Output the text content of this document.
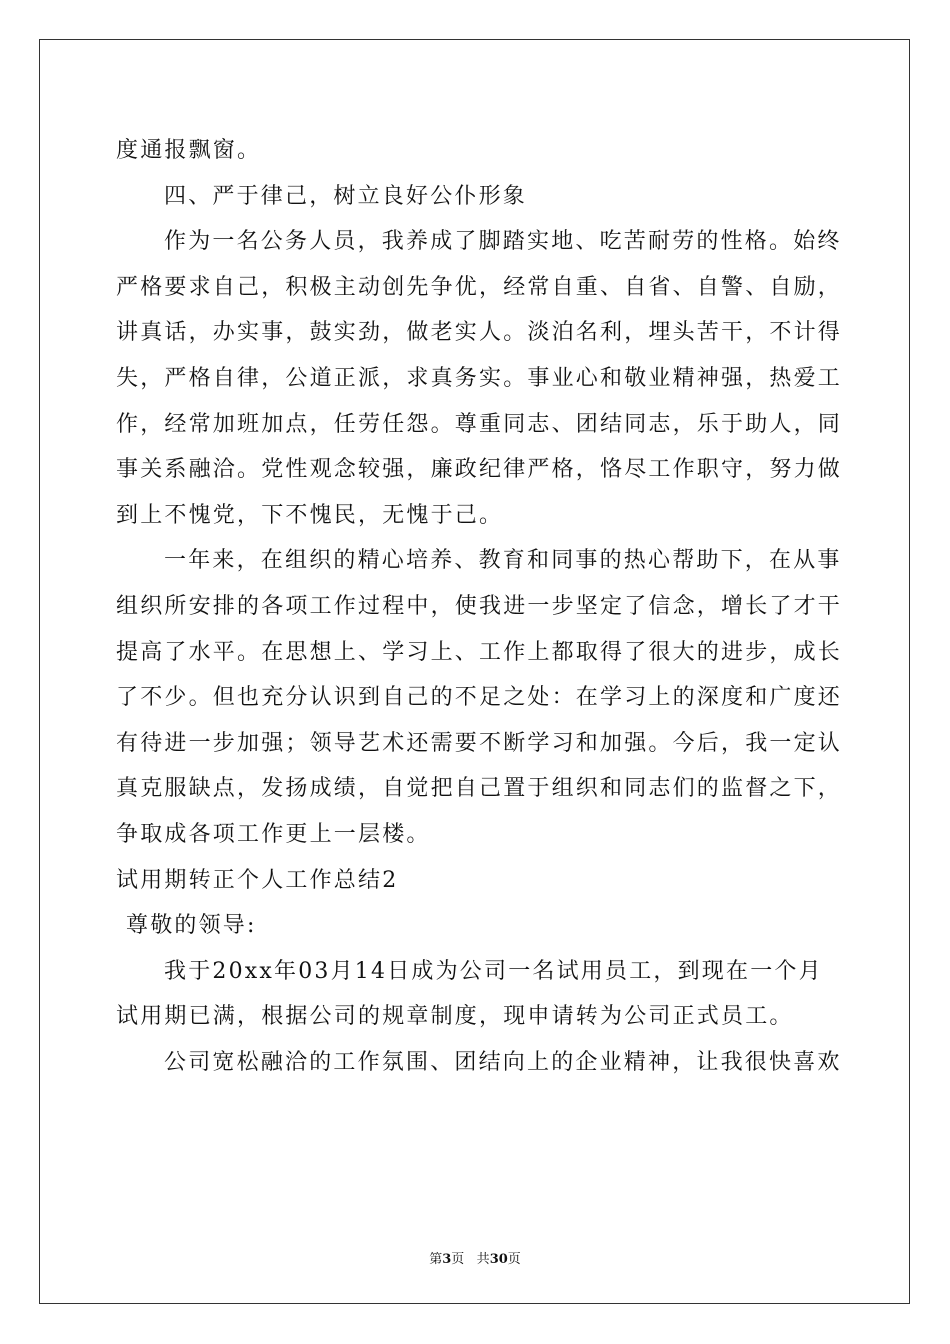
度通报飘窗。
四、严于律己，树立良好公仆形象
作为一名公务人员，我养成了脚踏实地、吃苦耐劳的性格。始终
严格要求自己，积极主动创先争优，经常自重、自省、自警、自励，
讲真话，办实事，鼓实劲，做老实人。淡泊名利，埋头苦干，不计得
失，严格自律，公道正派，求真务实。事业心和敬业精神强，热爱工
作，经常加班加点，任劳任怨。尊重同志、团结同志，乐于助人，同
事关系融洽。党性观念较强，廉政纪律严格，恪尽工作职守，努力做
到上不愧党，下不愧民，无愧于己。
一年来，在组织的精心培养、教育和同事的热心帮助下，在从事
组织所安排的各项工作过程中，使我进一步坚定了信念，增长了才干
提高了水平。在思想上、学习上、工作上都取得了很大的进步，成长
了不少。但也充分认识到自己的不足之处：在学习上的深度和广度还
有待进一步加强；领导艺术还需要不断学习和加强。今后，我一定认
真克服缺点，发扬成绩，自觉把自己置于组织和同志们的监督之下，
争取成各项工作更上一层楼。
试用期转正个人工作总结2
尊敬的领导:
我于20xx年03月14日成为公司一名试用员工，到现在一个月
试用期已满，根据公司的规章制度，现申请转为公司正式员工。
公司宽松融洽的工作氛围、团结向上的企业精神，让我很快喜欢
第3页 共30页
